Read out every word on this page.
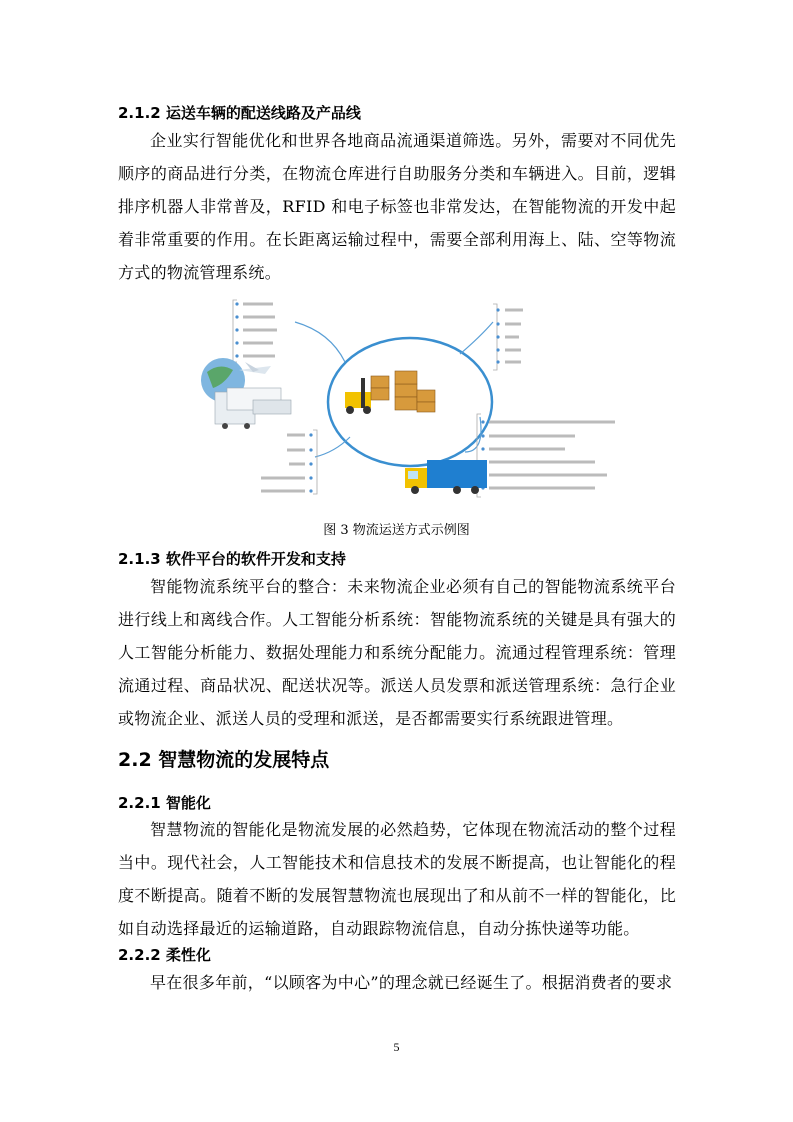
2.1.2 运送车辆的配送线路及产品线

企业实行智能优化和世界各地商品流通渠道筛选。另外，需要对不同优先顺序的商品进行分类，在物流仓库进行自助服务分类和车辆进入。目前，逻辑排序机器人非常普及，RFID 和电子标签也非常发达，在智能物流的开发中起着非常重要的作用。在长距离运输过程中，需要全部利用海上、陆、空等物流方式的物流管理系统。

图 3 物流运送方式示例图
2.1.3 软件平台的软件开发和支持

智能物流系统平台的整合：未来物流企业必须有自己的智能物流系统平台进行线上和离线合作。人工智能分析系统：智能物流系统的关键是具有强大的人工智能分析能力、数据处理能力和系统分配能力。流通过程管理系统：管理流通过程、商品状况、配送状况等。派送人员发票和派送管理系统：急行企业或物流企业、派送人员的受理和派送，是否都需要实行系统跟进管理。

2.2 智慧物流的发展特点
2.2.1 智能化

智慧物流的智能化是物流发展的必然趋势，它体现在物流活动的整个过程当中。现代社会，人工智能技术和信息技术的发展不断提高，也让智能化的程度不断提高。随着不断的发展智慧物流也展现出了和从前不一样的智能化，比如自动选择最近的运输道路，自动跟踪物流信息，自动分拣快递等功能。

2.2.2 柔性化

早在很多年前，“以顾客为中心”的理念就已经诞生了。根据消费者的要求

5
